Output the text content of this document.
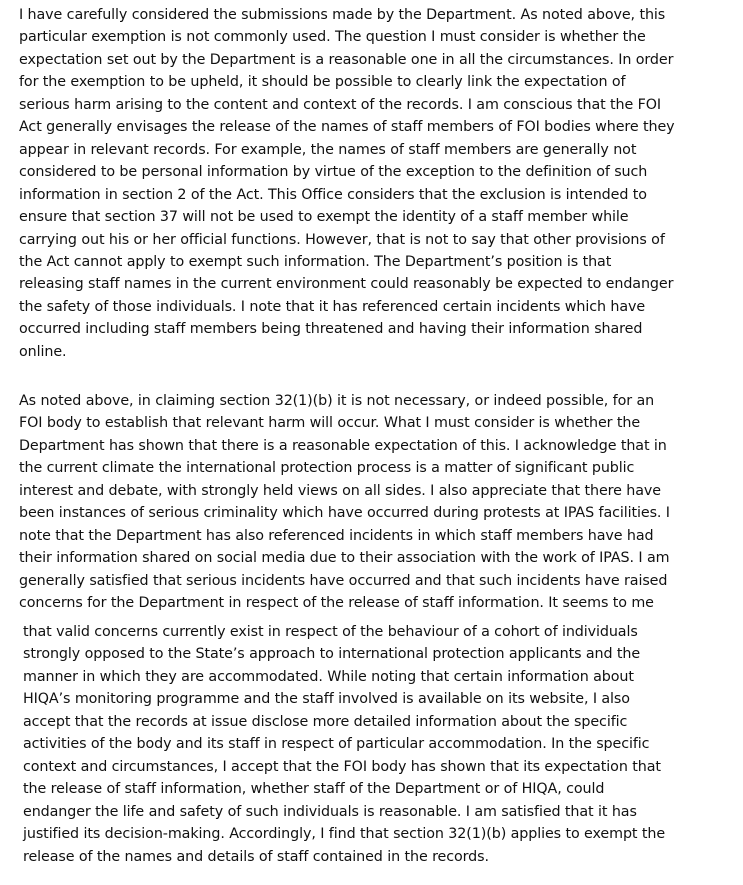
I have carefully considered the submissions made by the Department. As noted above, this
particular exemption is not commonly used. The question I must consider is whether the
expectation set out by the Department is a reasonable one in all the circumstances. In order
for the exemption to be upheld, it should be possible to clearly link the expectation of
serious harm arising to the content and context of the records. I am conscious that the FOI
Act generally envisages the release of the names of staff members of FOI bodies where they
appear in relevant records. For example, the names of staff members are generally not
considered to be personal information by virtue of the exception to the definition of such
information in section 2 of the Act. This Office considers that the exclusion is intended to
ensure that section 37 will not be used to exempt the identity of a staff member while
carrying out his or her official functions. However, that is not to say that other provisions of
the Act cannot apply to exempt such information. The Department’s position is that
releasing staff names in the current environment could reasonably be expected to endanger
the safety of those individuals. I note that it has referenced certain incidents which have
occurred including staff members being threatened and having their information shared
online.

As noted above, in claiming section 32(1)(b) it is not necessary, or indeed possible, for an
FOI body to establish that relevant harm will occur. What I must consider is whether the
Department has shown that there is a reasonable expectation of this. I acknowledge that in
the current climate the international protection process is a matter of significant public
interest and debate, with strongly held views on all sides. I also appreciate that there have
been instances of serious criminality which have occurred during protests at IPAS facilities. I
note that the Department has also referenced incidents in which staff members have had
their information shared on social media due to their association with the work of IPAS. I am
generally satisfied that serious incidents have occurred and that such incidents have raised
concerns for the Department in respect of the release of staff information. It seems to me

that valid concerns currently exist in respect of the behaviour of a cohort of individuals
strongly opposed to the State’s approach to international protection applicants and the
manner in which they are accommodated. While noting that certain information about
HIQA’s monitoring programme and the staff involved is available on its website, I also
accept that the records at issue disclose more detailed information about the specific
activities of the body and its staff in respect of particular accommodation. In the specific
context and circumstances, I accept that the FOI body has shown that its expectation that
the release of staff information, whether staff of the Department or of HIQA, could
endanger the life and safety of such individuals is reasonable. I am satisfied that it has
justified its decision-making. Accordingly, I find that section 32(1)(b) applies to exempt the
release of the names and details of staff contained in the records.
